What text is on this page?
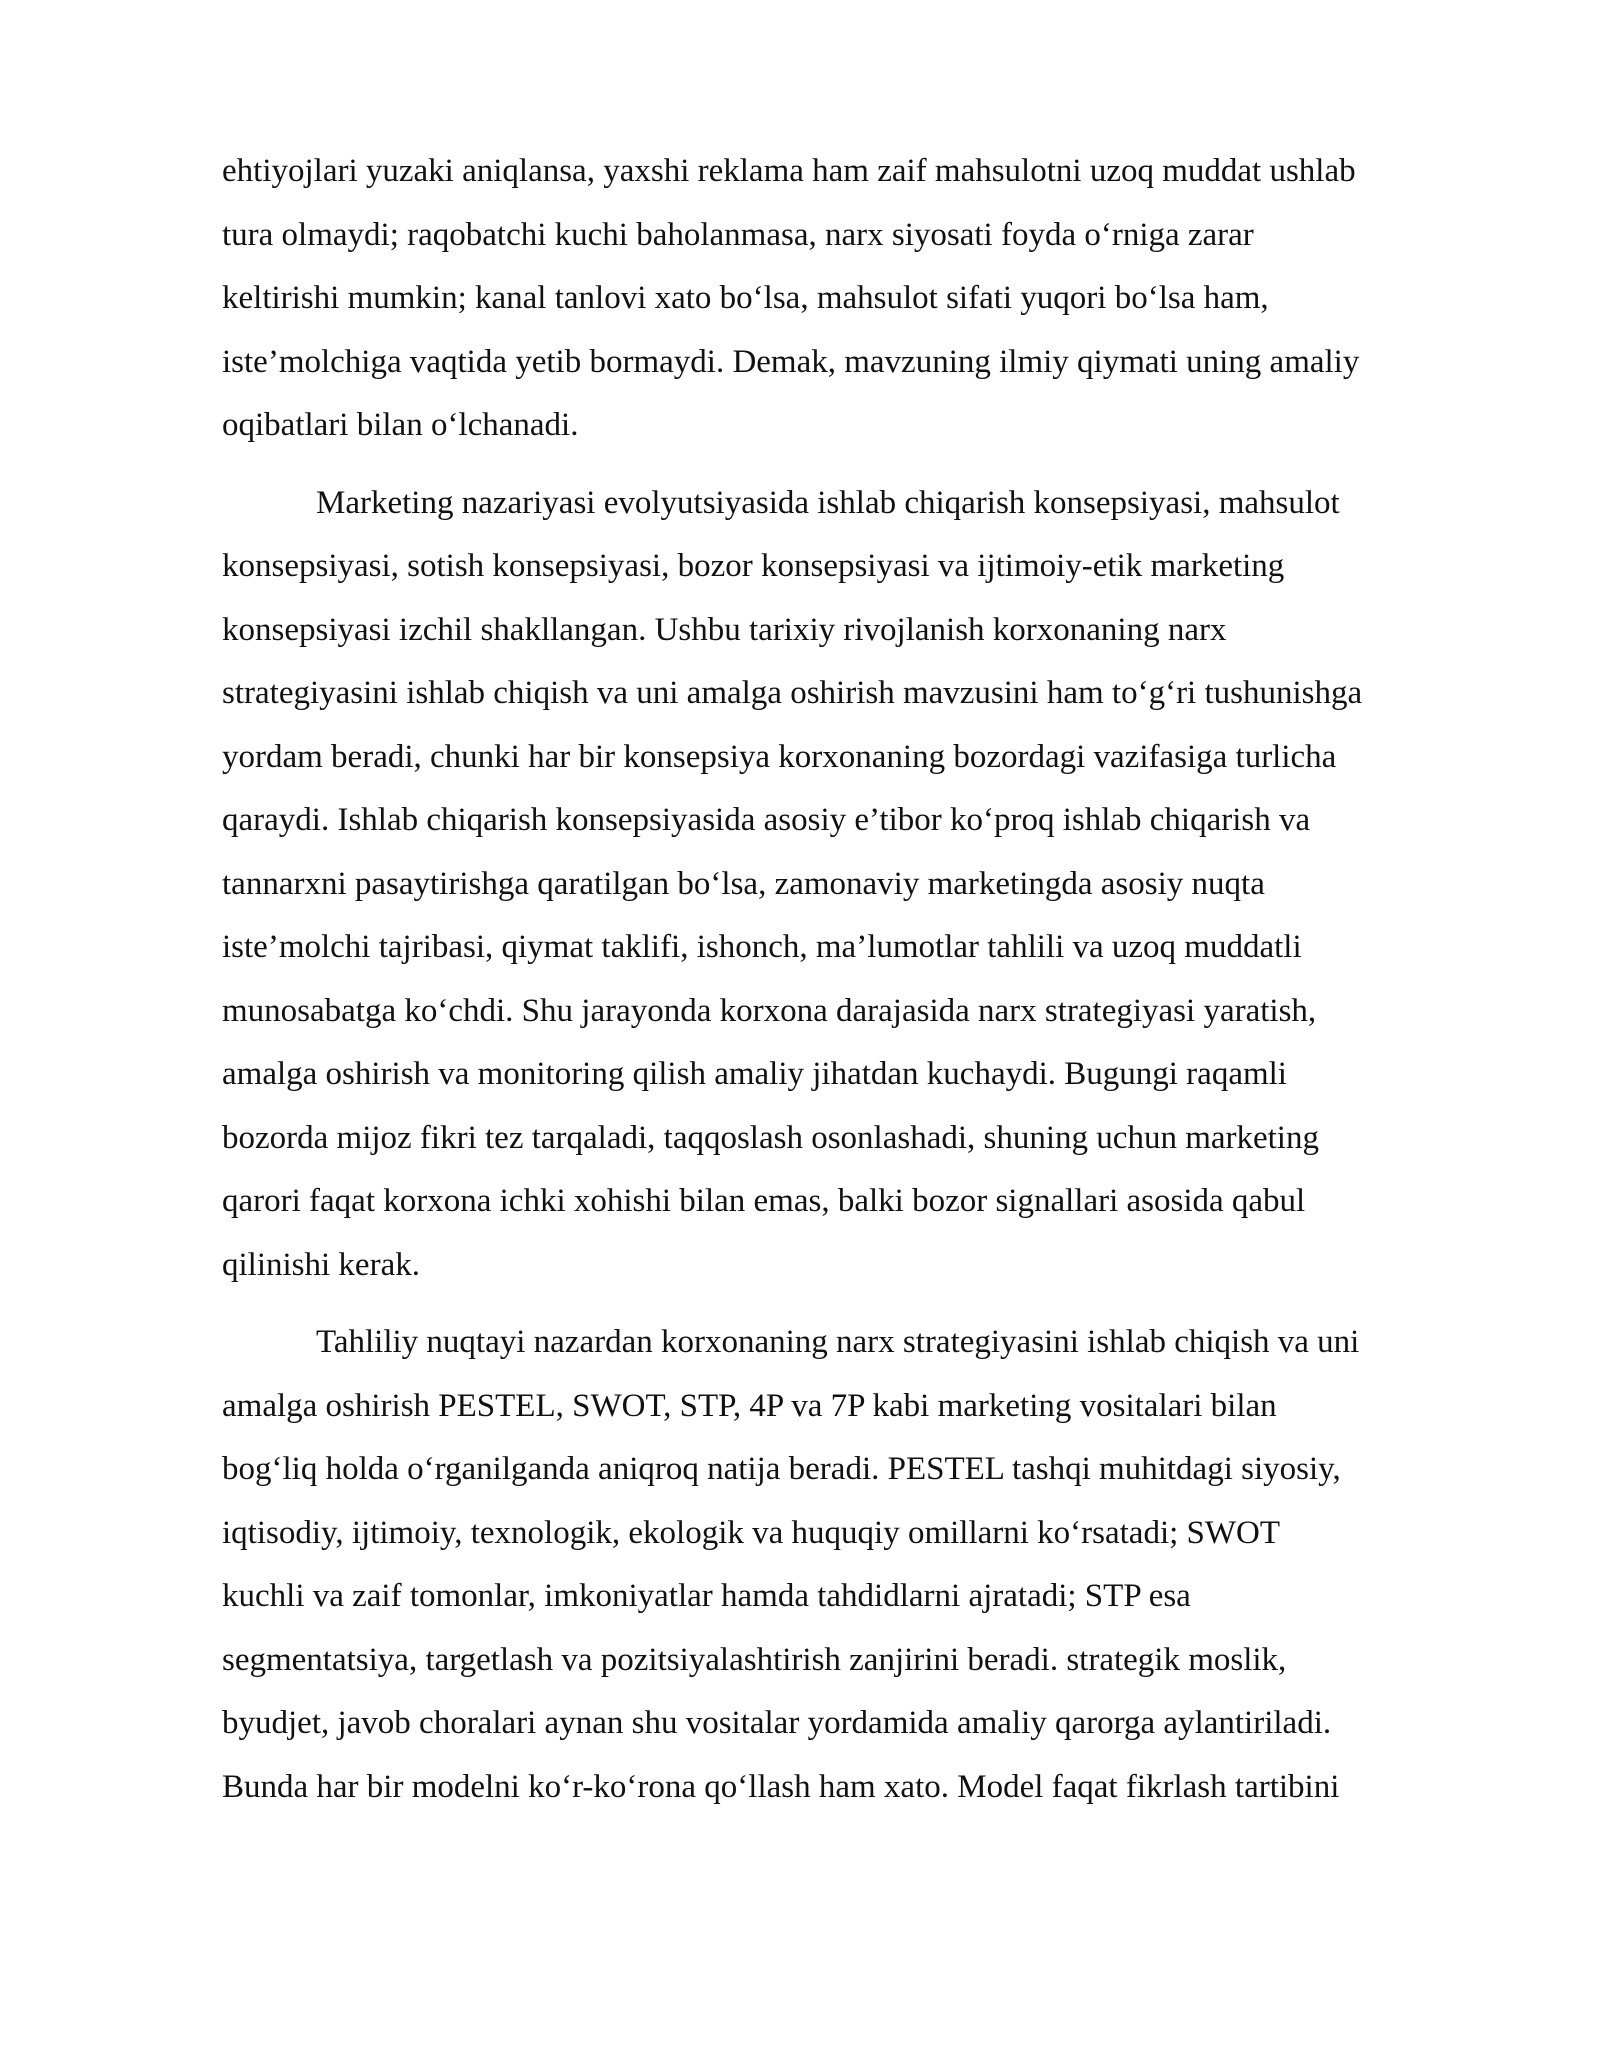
ehtiyojlari yuzaki aniqlansa, yaxshi reklama ham zaif mahsulotni uzoq muddat ushlab
tura olmaydi; raqobatchi kuchi baholanmasa, narx siyosati foyda o‘rniga zarar
keltirishi mumkin; kanal tanlovi xato bo‘lsa, mahsulot sifati yuqori bo‘lsa ham,
iste’molchiga vaqtida yetib bormaydi. Demak, mavzuning ilmiy qiymati uning amaliy
oqibatlari bilan o‘lchanadi.

Marketing nazariyasi evolyutsiyasida ishlab chiqarish konsepsiyasi, mahsulot
konsepsiyasi, sotish konsepsiyasi, bozor konsepsiyasi va ijtimoiy-etik marketing
konsepsiyasi izchil shakllangan. Ushbu tarixiy rivojlanish korxonaning narx
strategiyasini ishlab chiqish va uni amalga oshirish mavzusini ham to‘g‘ri tushunishga
yordam beradi, chunki har bir konsepsiya korxonaning bozordagi vazifasiga turlicha
qaraydi. Ishlab chiqarish konsepsiyasida asosiy e’tibor ko‘proq ishlab chiqarish va
tannarxni pasaytirishga qaratilgan bo‘lsa, zamonaviy marketingda asosiy nuqta
iste’molchi tajribasi, qiymat taklifi, ishonch, ma’lumotlar tahlili va uzoq muddatli
munosabatga ko‘chdi. Shu jarayonda korxona darajasida narx strategiyasi yaratish,
amalga oshirish va monitoring qilish amaliy jihatdan kuchaydi. Bugungi raqamli
bozorda mijoz fikri tez tarqaladi, taqqoslash osonlashadi, shuning uchun marketing
qarori faqat korxona ichki xohishi bilan emas, balki bozor signallari asosida qabul
qilinishi kerak.

Tahliliy nuqtayi nazardan korxonaning narx strategiyasini ishlab chiqish va uni
amalga oshirish PESTEL, SWOT, STP, 4P va 7P kabi marketing vositalari bilan
bog‘liq holda o‘rganilganda aniqroq natija beradi. PESTEL tashqi muhitdagi siyosiy,
iqtisodiy, ijtimoiy, texnologik, ekologik va huquqiy omillarni ko‘rsatadi; SWOT
kuchli va zaif tomonlar, imkoniyatlar hamda tahdidlarni ajratadi; STP esa
segmentatsiya, targetlash va pozitsiyalashtirish zanjirini beradi. strategik moslik,
byudjet, javob choralari aynan shu vositalar yordamida amaliy qarorga aylantiriladi.
Bunda har bir modelni ko‘r-ko‘rona qo‘llash ham xato. Model faqat fikrlash tartibini
